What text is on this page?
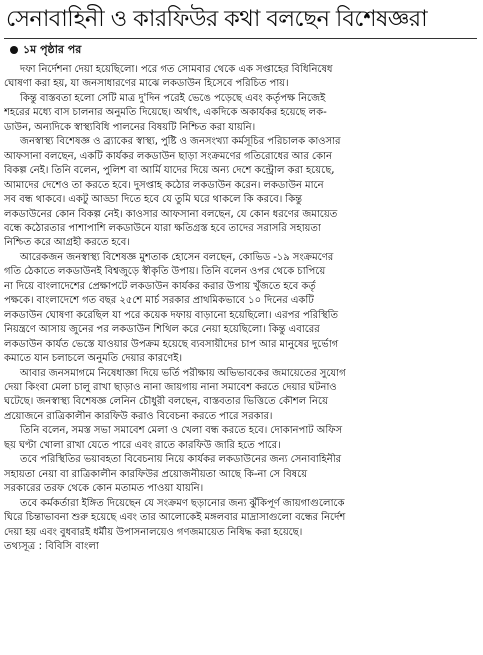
সেনাবাহিনী ও কারফিউর কথা বলছেন বিশেষজ্ঞরা
১ম পৃষ্ঠার পর

দফা নির্দেশনা দেয়া হয়েছিলো। পরে গত সোমবার থেকে এক সপ্তাহের বিধিনিষেধ
ঘোষণা করা হয়, যা জনসাধারণের মাঝে লকডাউন হিসেবে পরিচিত পায়।

কিন্তু বাস্তবতা হলো সেটি মাত্র দু'দিন পরেই ভেঙে পড়েছে এবং কর্তৃপক্ষ নিজেই
শহরের মধ্যে বাস চালনার অনুমতি দিয়েছে। অর্থাৎ, একদিকে অকার্যকর হয়েছে লক-
ডাউন, অন্যদিকে স্বাস্থ্যবিধি পালনের বিষয়টি নিশ্চিত করা যায়নি।

জনস্বাস্থ্য বিশেষজ্ঞ ও ব্র্যাকের স্বাস্থ্য, পুষ্টি ও জনসংখ্যা কর্মসূচির পরিচালক কাওসার
আফসানা বলছেন, একটি কার্যকর লকডাউন ছাড়া সংক্রমণের গতিরোধের আর কোন
বিকল্প নেই। তিনি বলেন, পুলিশ বা আর্মি যাদের দিয়ে অন্য দেশে কন্ট্রোল করা হয়েছে,
আমাদের দেশেও তা করতে হবে। দুসপ্তাহ কঠোর লকডাউন করেন। লকডাউন মানে
সব বন্ধ থাকবে। একটু আড্ডা দিতে হবে যে তুমি ঘরে থাকলে কি করবে। কিন্তু
লকডাউনের কোন বিকল্প নেই। কাওসার আফসানা বলছেন, যে কোন ধরণের জমায়েত
বন্ধে কঠোরতার পাশাপাশি লকডাউনে যারা ক্ষতিগ্রস্ত হবে তাদের সরাসরি সহায়তা
নিশ্চিত করে আগ্রহী করতে হবে।

আরেকজন জনস্বাস্থ্য বিশেষজ্ঞ মুশতাক হোসেন বলছেন, কোভিড -১৯ সংক্রমণের
গতি ঠেকাতে লকডাউনই বিশ্বজুড়ে স্বীকৃতি উপায়। তিনি বলেন ওপর থেকে চাপিয়ে
না দিয়ে বাংলাদেশের প্রেক্ষাপটে লকডাউন কার্যকর করার উপায় খুঁজতে হবে কর্তৃ
পক্ষকে। বাংলাদেশে গত বছর ২৫শে মার্চ সরকার প্রাথমিকভাবে ১০ দিনের একটি
লকডাউন ঘোষণা করেছিল যা পরে কয়েক দফায় বাড়ানো হয়েছিলো। এরপর পরিস্থিতি
নিয়ন্ত্রণে আসায় জুনের পর লকডাউন শিথিল করে নেয়া হয়েছিলো। কিন্তু এবারের
লকডাউন কার্যত ভেস্তে যাওয়ার উপক্রম হয়েছে ব্যবসায়ীদের চাপ আর মানুষের দুর্ভোগ
কমাতে যান চলাচলে অনুমতি দেয়ার কারণেই।

আবার জনসমাগমে নিষেধাজ্ঞা দিয়ে ভর্তি পরীক্ষায় অভিভাবকের জমায়েতের সুযোগ
দেয়া কিংবা মেলা চালু রাখা ছাড়াও নানা জায়গায় নানা সমাবেশ করতে দেয়ার ঘটনাও
ঘটেছে। জনস্বাস্থ্য বিশেষজ্ঞ লেনিন চৌধুরী বলছেন, বাস্তবতার ভিত্তিতে কৌশল নিয়ে
প্রয়োজনে রাত্রিকালীন কারফিউ করাও বিবেচনা করতে পারে সরকার।

তিনি বলেন, সমস্ত সভা সমাবেশ মেলা ও খেলা বন্ধ করতে হবে। দোকানপাট অফিস
ছয় ঘণ্টা খোলা রাখা যেতে পারে এবং রাতে কারফিউ জারি হতে পারে।

তবে পরিস্থিতির ভয়াবহতা বিবেচনায় নিয়ে কার্যকর লকডাউনের জন্য সেনাবাহিনীর
সহায়তা নেয়া বা রাত্রিকালীন কারফিউর প্রয়োজনীয়তা আছে কি-না সে বিষয়ে
সরকারের তরফ থেকে কোন মতামত পাওয়া যায়নি।

তবে কর্মকর্তারা ইঙ্গিত দিয়েছেন যে সংক্রমণ ছড়ানোর জন্য ঝুঁকিপূর্ণ জায়গাগুলোকে
ঘিরে চিন্তাভাবনা শুরু হয়েছে এবং তার আলোকেই মঙ্গলবার মাদ্রাসাগুলো বন্ধের নির্দেশ
দেয়া হয় এবং বুধবারই ধর্মীয় উপাসনালয়েও গণজমায়েত নিষিদ্ধ করা হয়েছে।

তথ্যসূত্র : বিবিসি বাংলা
